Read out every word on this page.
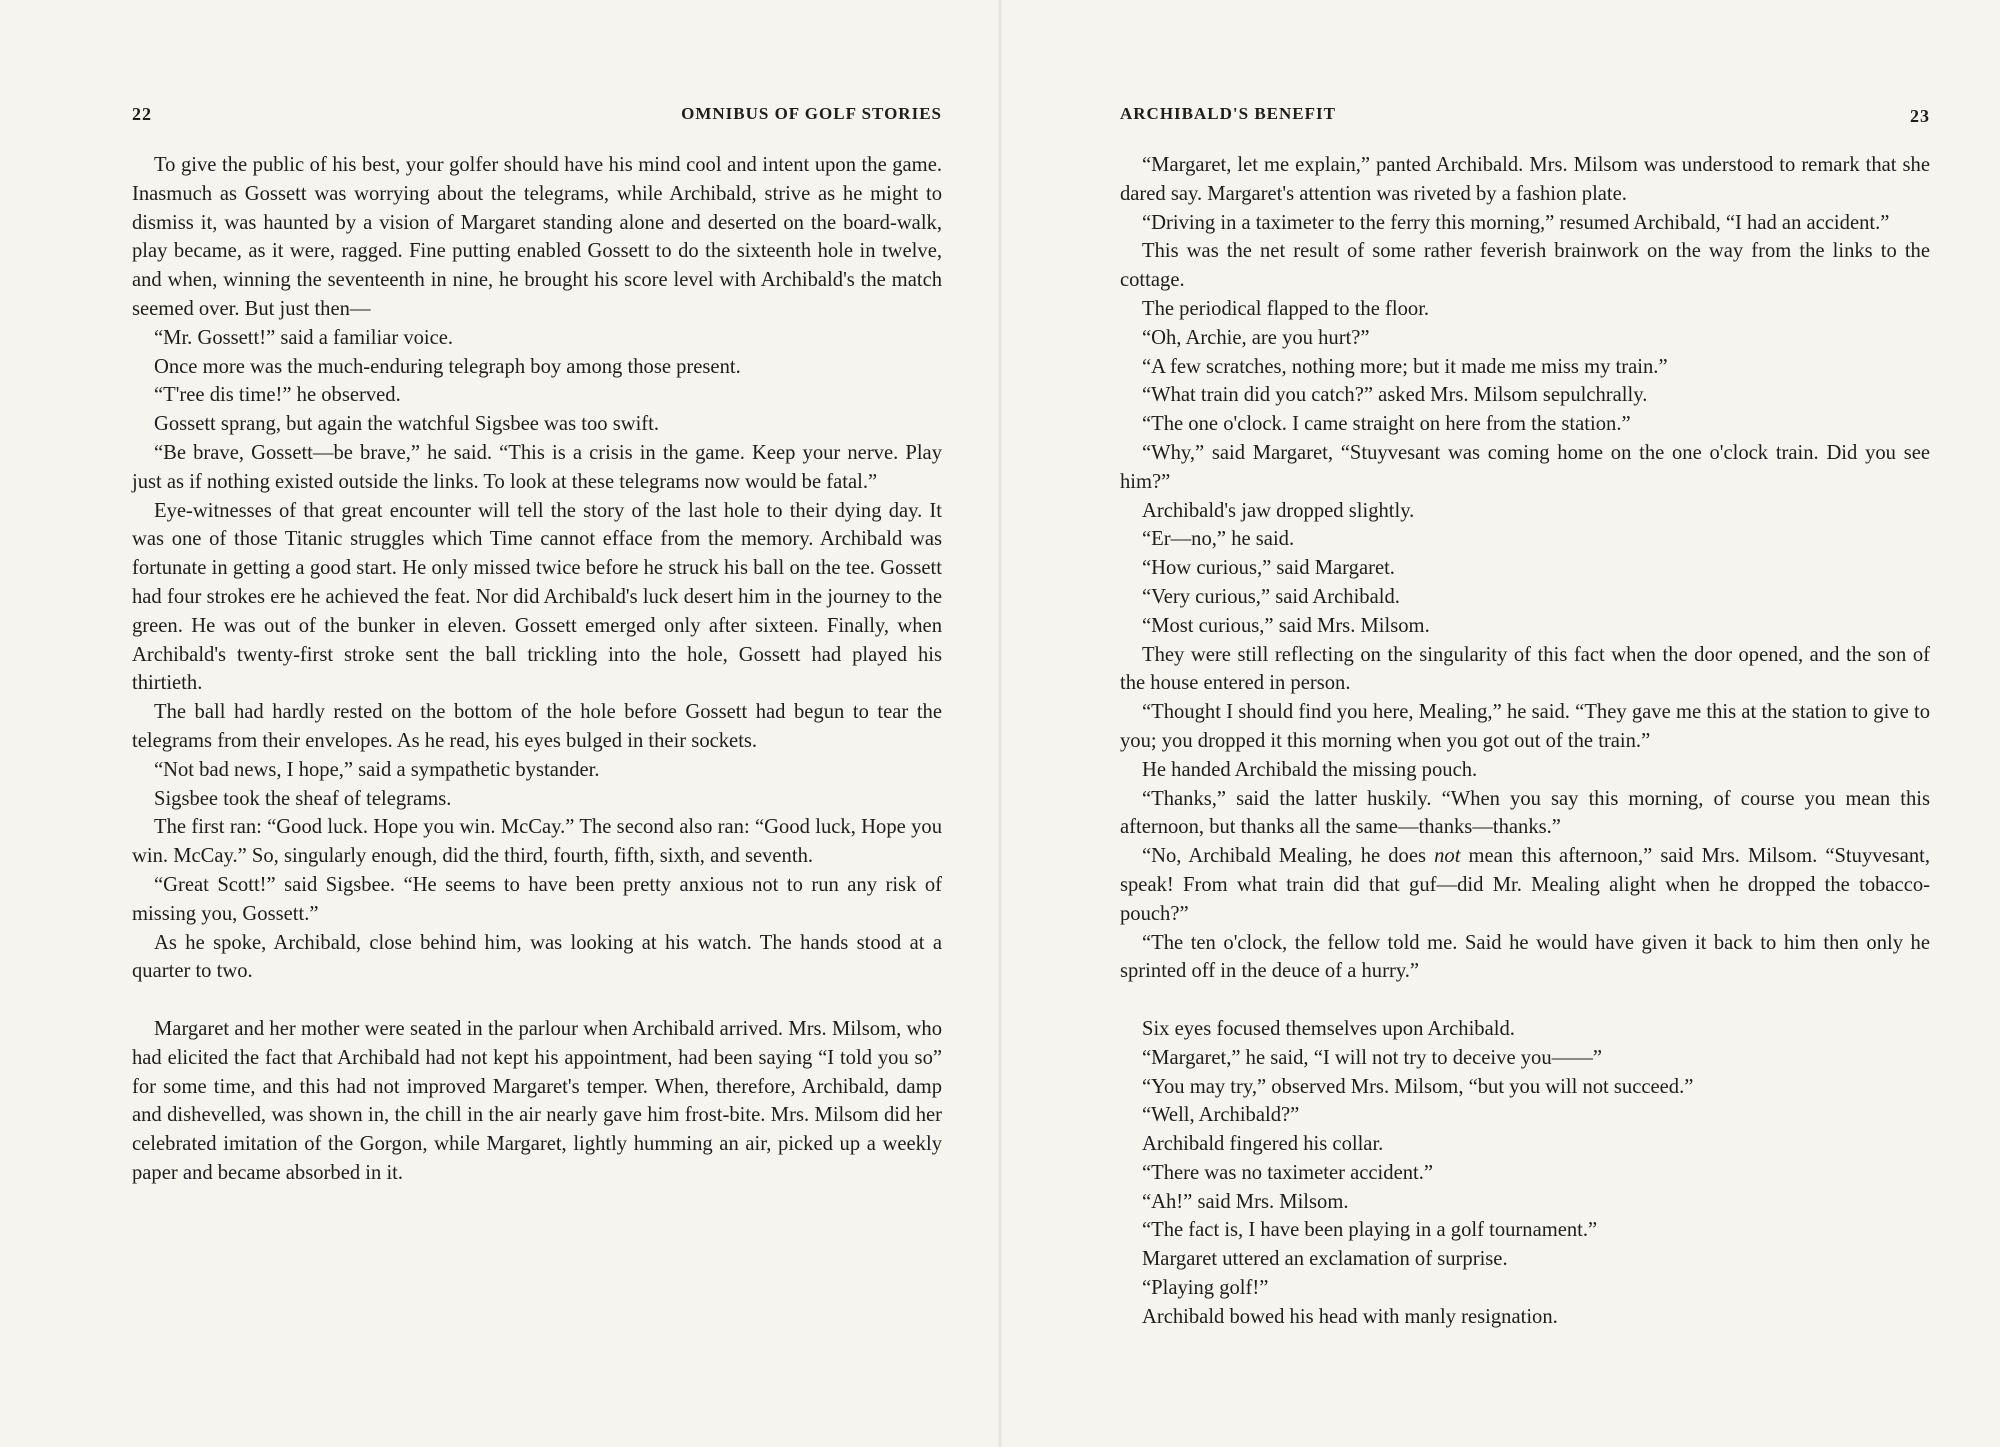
22	OMNIBUS OF GOLF STORIES

To give the public of his best, your golfer should have his mind cool and intent upon the game. Inasmuch as Gossett was worrying about the telegrams, while Archibald, strive as he might to dismiss it, was haunted by a vision of Margaret standing alone and deserted on the board-walk, play became, as it were, ragged. Fine putting enabled Gossett to do the sixteenth hole in twelve, and when, winning the seventeenth in nine, he brought his score level with Archibald's the match seemed over. But just then—

“Mr. Gossett!” said a familiar voice.

Once more was the much-enduring telegraph boy among those present.

“T'ree dis time!” he observed.

Gossett sprang, but again the watchful Sigsbee was too swift.

“Be brave, Gossett—be brave,” he said. “This is a crisis in the game. Keep your nerve. Play just as if nothing existed outside the links. To look at these telegrams now would be fatal.”

Eye-witnesses of that great encounter will tell the story of the last hole to their dying day. It was one of those Titanic struggles which Time cannot efface from the memory. Archibald was fortunate in getting a good start. He only missed twice before he struck his ball on the tee. Gossett had four strokes ere he achieved the feat. Nor did Archibald's luck desert him in the journey to the green. He was out of the bunker in eleven. Gossett emerged only after sixteen. Finally, when Archibald's twenty-first stroke sent the ball trickling into the hole, Gossett had played his thirtieth.

The ball had hardly rested on the bottom of the hole before Gossett had begun to tear the telegrams from their envelopes. As he read, his eyes bulged in their sockets.

“Not bad news, I hope,” said a sympathetic bystander.

Sigsbee took the sheaf of telegrams.

The first ran: “Good luck. Hope you win. McCay.” The second also ran: “Good luck, Hope you win. McCay.” So, singularly enough, did the third, fourth, fifth, sixth, and seventh.

“Great Scott!” said Sigsbee. “He seems to have been pretty anxious not to run any risk of missing you, Gossett.”

As he spoke, Archibald, close behind him, was looking at his watch. The hands stood at a quarter to two.

Margaret and her mother were seated in the parlour when Archibald arrived. Mrs. Milsom, who had elicited the fact that Archibald had not kept his appointment, had been saying “I told you so” for some time, and this had not improved Margaret's temper. When, therefore, Archibald, damp and dishevelled, was shown in, the chill in the air nearly gave him frost-bite. Mrs. Milsom did her celebrated imitation of the Gorgon, while Margaret, lightly humming an air, picked up a weekly paper and became absorbed in it.

ARCHIBALD'S BENEFIT	23

“Margaret, let me explain,” panted Archibald. Mrs. Milsom was understood to remark that she dared say. Margaret's attention was riveted by a fashion plate.

“Driving in a taximeter to the ferry this morning,” resumed Archibald, “I had an accident.”

This was the net result of some rather feverish brainwork on the way from the links to the cottage.

The periodical flapped to the floor.

“Oh, Archie, are you hurt?”

“A few scratches, nothing more; but it made me miss my train.”

“What train did you catch?” asked Mrs. Milsom sepulchrally.

“The one o'clock. I came straight on here from the station.”

“Why,” said Margaret, “Stuyvesant was coming home on the one o'clock train. Did you see him?”

Archibald's jaw dropped slightly.

“Er—no,” he said.

“How curious,” said Margaret.

“Very curious,” said Archibald.

“Most curious,” said Mrs. Milsom.

They were still reflecting on the singularity of this fact when the door opened, and the son of the house entered in person.

“Thought I should find you here, Mealing,” he said. “They gave me this at the station to give to you; you dropped it this morning when you got out of the train.”

He handed Archibald the missing pouch.

“Thanks,” said the latter huskily. “When you say this morning, of course you mean this afternoon, but thanks all the same—thanks—thanks.”

“No, Archibald Mealing, he does not mean this afternoon,” said Mrs. Milsom. “Stuyvesant, speak! From what train did that guf—did Mr. Mealing alight when he dropped the tobacco-pouch?”

“The ten o'clock, the fellow told me. Said he would have given it back to him then only he sprinted off in the deuce of a hurry.”

Six eyes focused themselves upon Archibald.

“Margaret,” he said, “I will not try to deceive you——”

“You may try,” observed Mrs. Milsom, “but you will not succeed.”

“Well, Archibald?”

Archibald fingered his collar.

“There was no taximeter accident.”

“Ah!” said Mrs. Milsom.

“The fact is, I have been playing in a golf tournament.”

Margaret uttered an exclamation of surprise.

“Playing golf!”

Archibald bowed his head with manly resignation.
